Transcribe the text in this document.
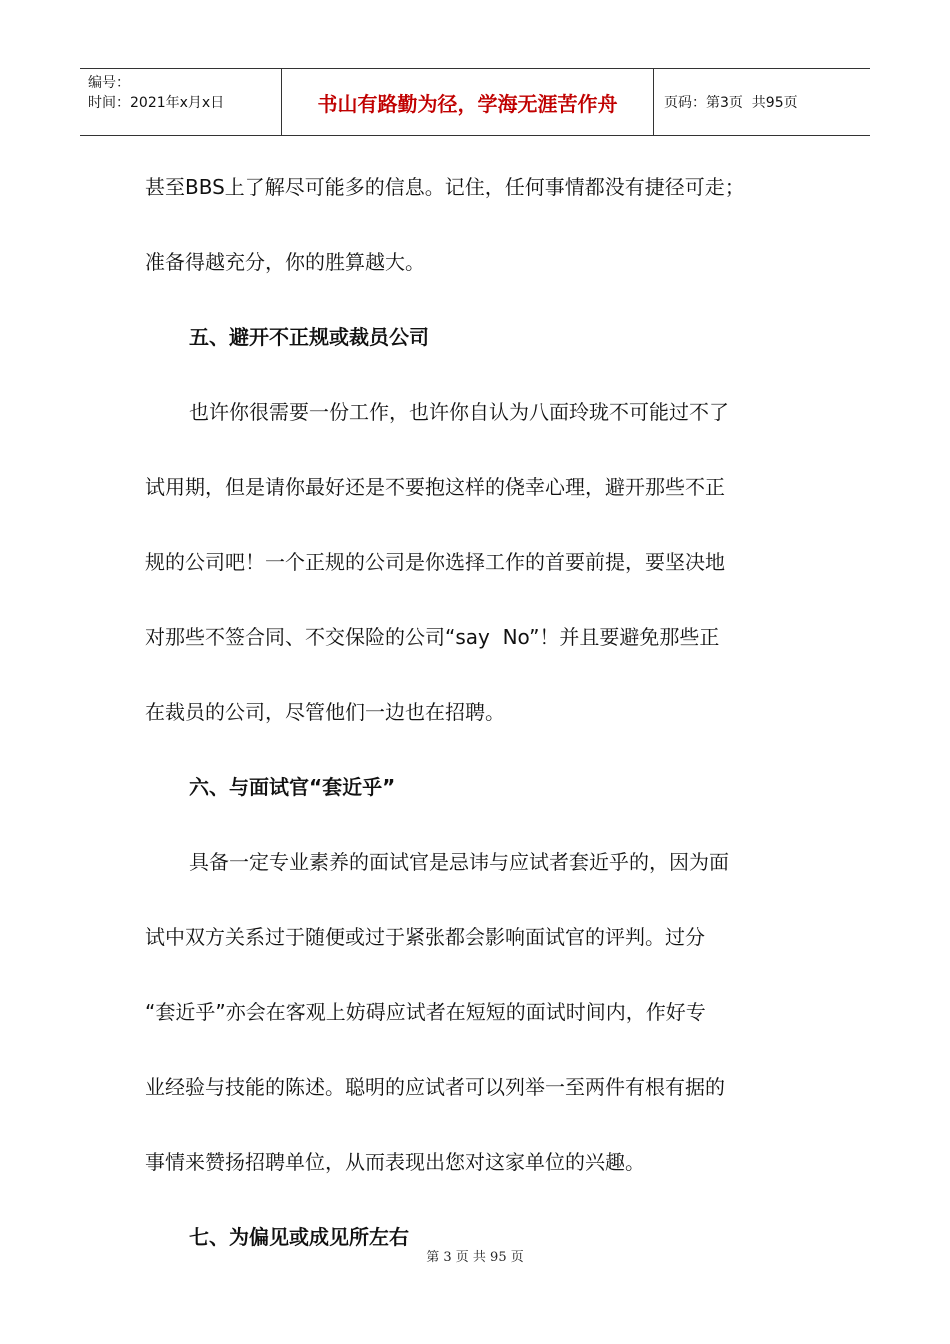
编号：
时间：2021年x月x日	书山有路勤为径，学海无涯苦作舟	页码：第3页  共95页

甚至BBS上了解尽可能多的信息。记住，任何事情都没有捷径可走；

准备得越充分，你的胜算越大。

五、避开不正规或裁员公司

也许你很需要一份工作，也许你自认为八面玲珑不可能过不了

试用期，但是请你最好还是不要抱这样的侥幸心理，避开那些不正

规的公司吧！一个正规的公司是你选择工作的首要前提，要坚决地

对那些不签合同、不交保险的公司“say  No”！并且要避免那些正

在裁员的公司，尽管他们一边也在招聘。

六、与面试官“套近乎”

具备一定专业素养的面试官是忌讳与应试者套近乎的，因为面

试中双方关系过于随便或过于紧张都会影响面试官的评判。过分

“套近乎”亦会在客观上妨碍应试者在短短的面试时间内，作好专

业经验与技能的陈述。聪明的应试者可以列举一至两件有根有据的

事情来赞扬招聘单位，从而表现出您对这家单位的兴趣。

七、为偏见或成见所左右

第 3 页 共 95 页
